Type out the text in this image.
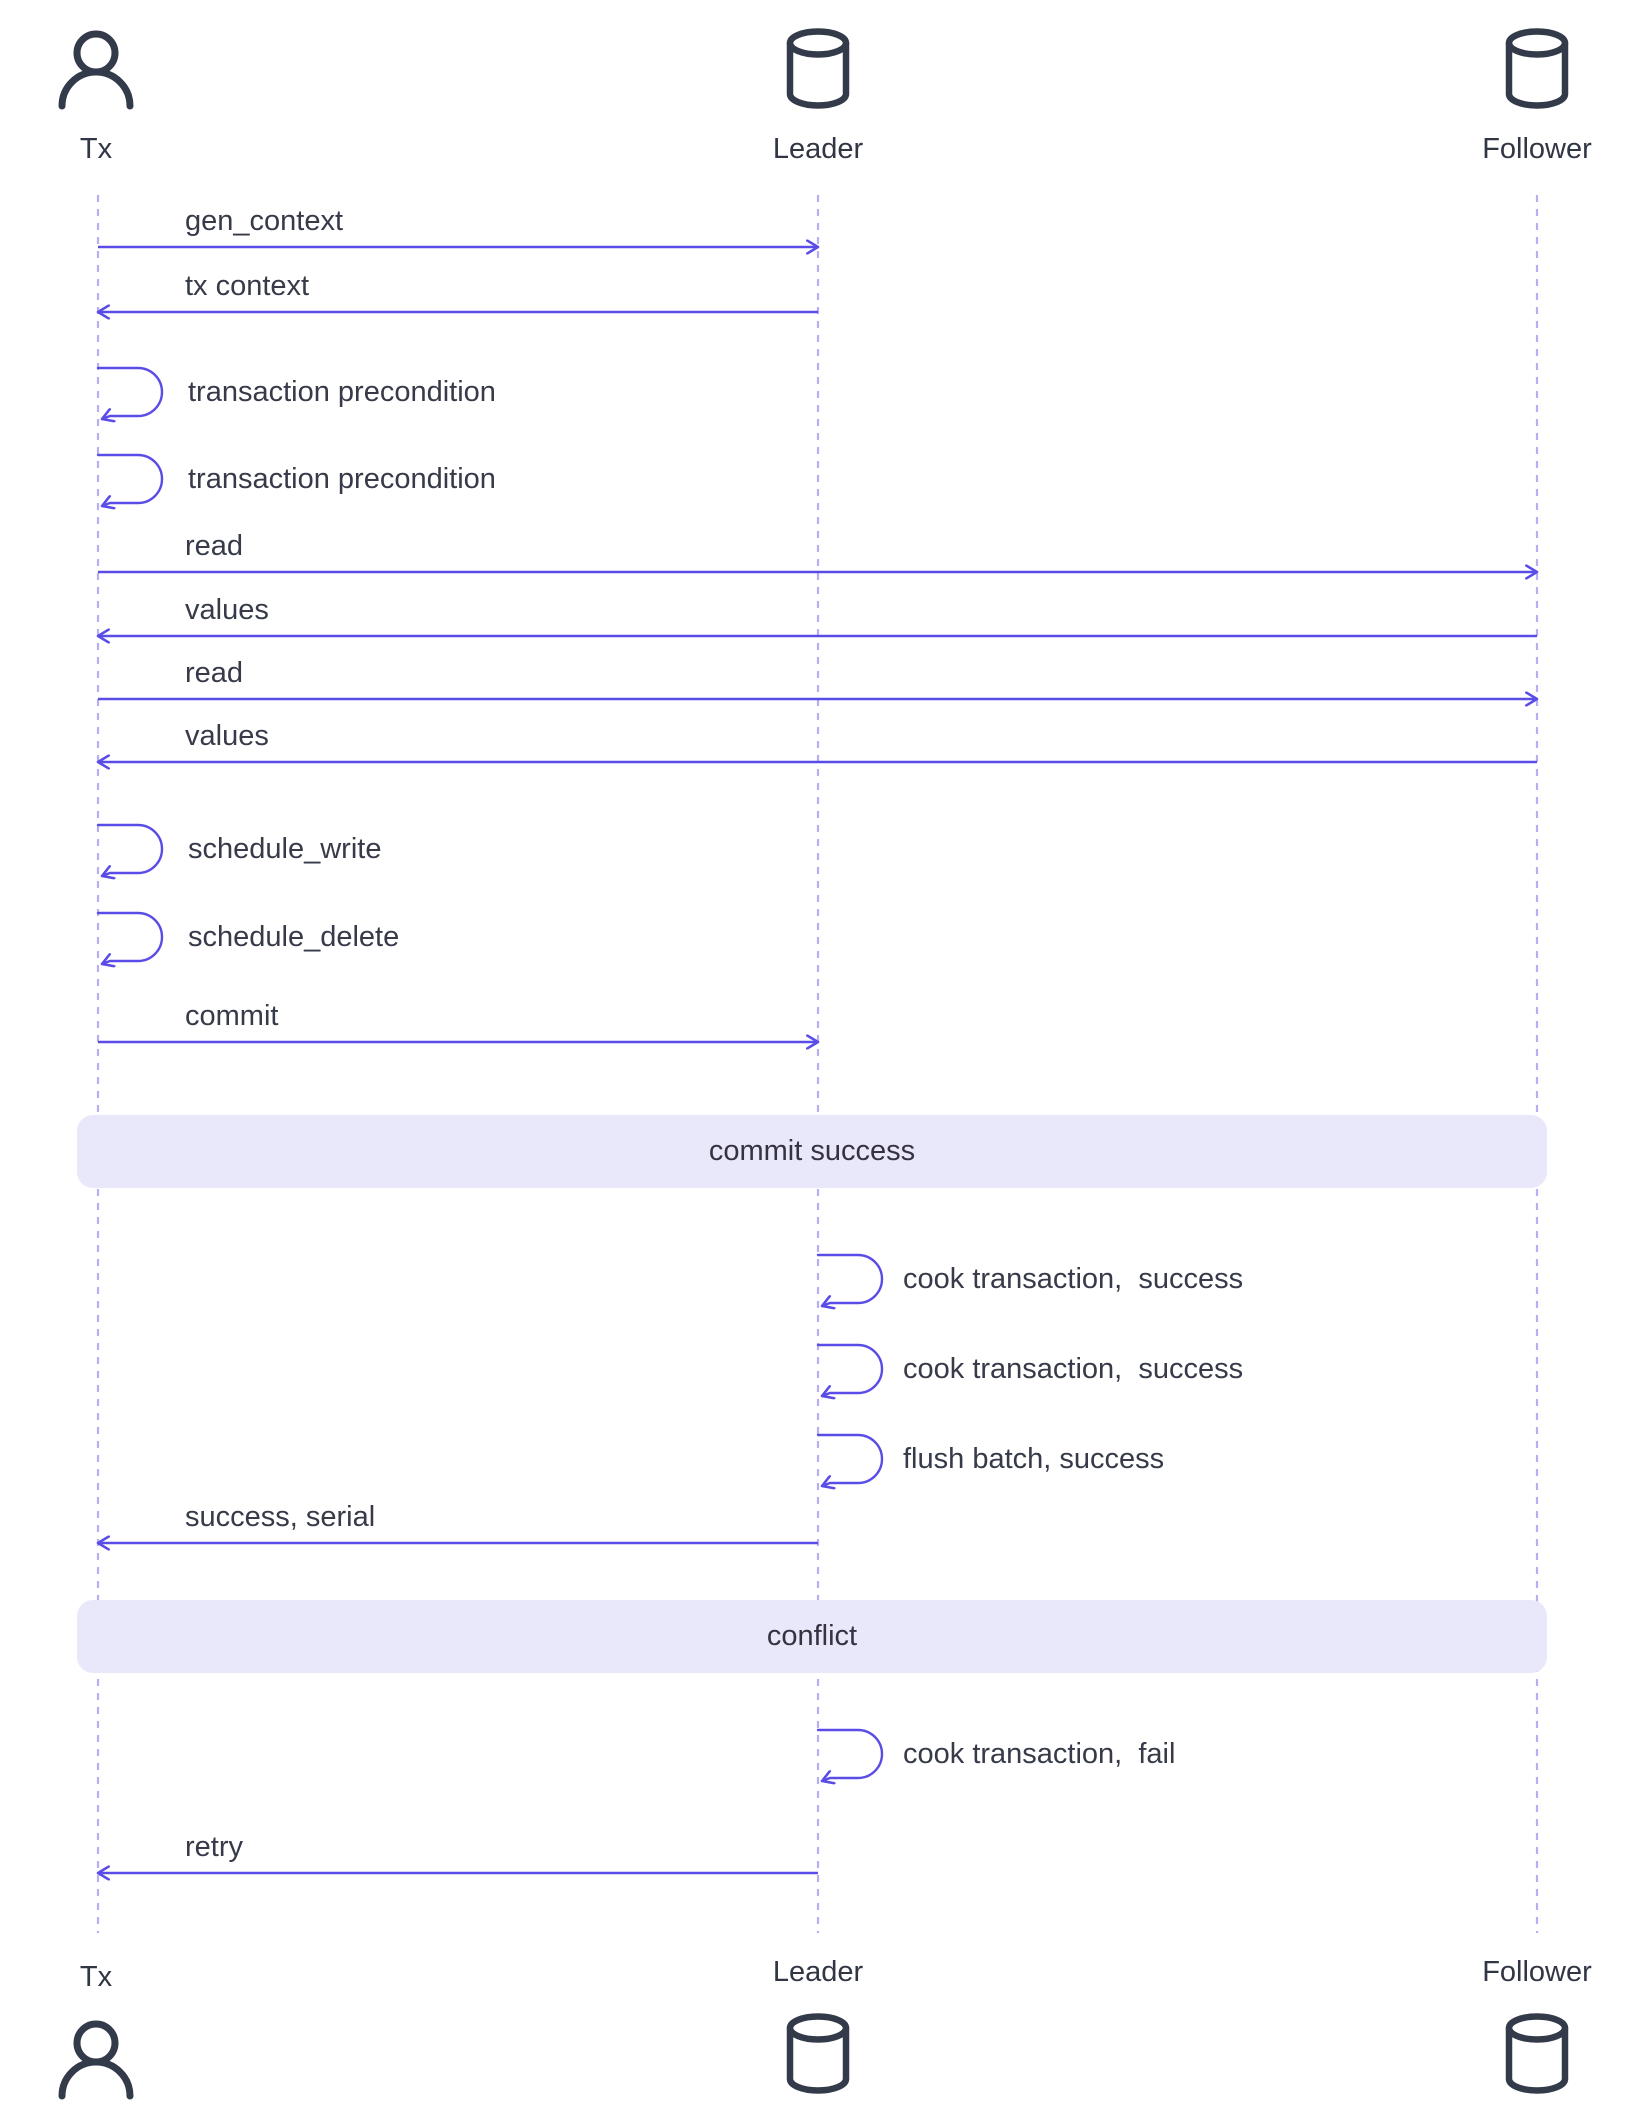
commit success
conflict
gen_context
tx context
transaction precondition
transaction precondition
read
values
read
values
schedule_write
schedule_delete
commit
cook transaction,  success
cook transaction,  success
flush batch, success
success, serial
cook transaction,  fail
retry
Tx	Leader	Follower
Tx	Leader	Follower
